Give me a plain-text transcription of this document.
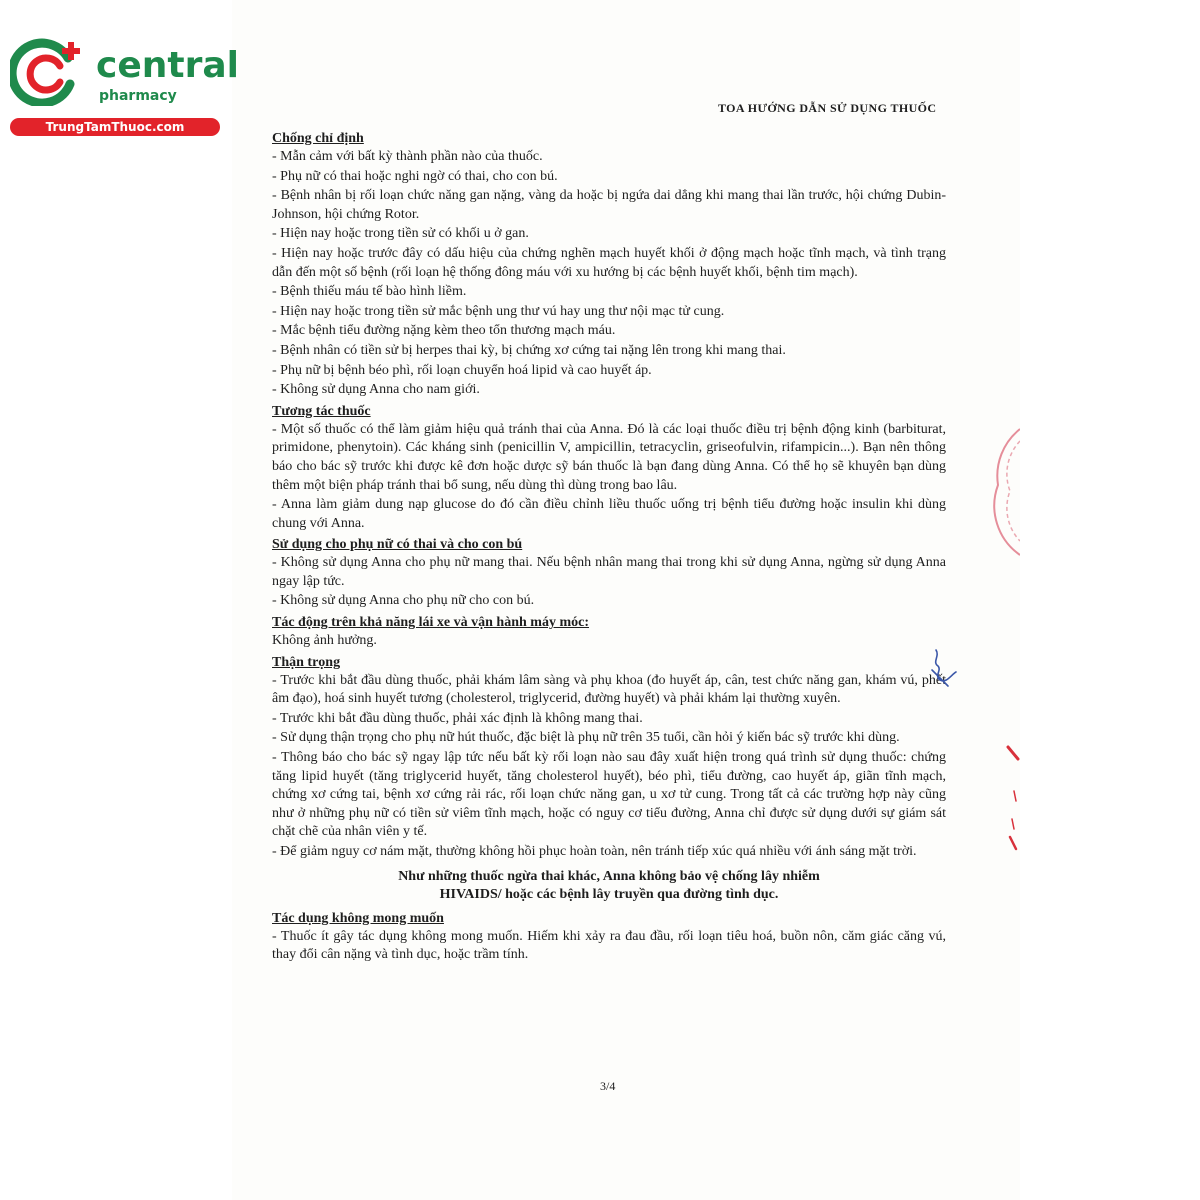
central
pharmacy
TrungTamThuoc.com
TOA HƯỚNG DẪN SỬ DỤNG THUỐC
Chống chỉ định
- Mẫn cảm với bất kỳ thành phần nào của thuốc.
- Phụ nữ có thai hoặc nghi ngờ có thai, cho con bú.
- Bệnh nhân bị rối loạn chức năng gan nặng, vàng da hoặc bị ngứa dai dẳng khi mang thai lần trước, hội chứng Dubin-Johnson, hội chứng Rotor.
- Hiện nay hoặc trong tiền sử có khối u ở gan.
- Hiện nay hoặc trước đây có dấu hiệu của chứng nghẽn mạch huyết khối ở động mạch hoặc tĩnh mạch, và tình trạng dẫn đến một số bệnh (rối loạn hệ thống đông máu với xu hướng bị các bệnh huyết khối, bệnh tim mạch).
- Bệnh thiếu máu tế bào hình liềm.
- Hiện nay hoặc trong tiền sử mắc bệnh ung thư vú hay ung thư nội mạc tử cung.
- Mắc bệnh tiểu đường nặng kèm theo tổn thương mạch máu.
- Bệnh nhân có tiền sử bị herpes thai kỳ, bị chứng xơ cứng tai nặng lên trong khi mang thai.
- Phụ nữ bị bệnh béo phì, rối loạn chuyển hoá lipid và cao huyết áp.
- Không sử dụng Anna cho nam giới.
Tương tác thuốc
- Một số thuốc có thể làm giảm hiệu quả tránh thai của Anna. Đó là các loại thuốc điều trị bệnh động kinh (barbiturat, primidone, phenytoin). Các kháng sinh (penicillin V, ampicillin, tetracyclin, griseofulvin, rifampicin...). Bạn nên thông báo cho bác sỹ trước khi được kê đơn hoặc dược sỹ bán thuốc là bạn đang dùng Anna. Có thể họ sẽ khuyên bạn dùng thêm một biện pháp tránh thai bổ sung, nếu dùng thì dùng trong bao lâu.
- Anna làm giảm dung nạp glucose do đó cần điều chỉnh liều thuốc uống trị bệnh tiểu đường hoặc insulin khi dùng chung với Anna.
Sử dụng cho phụ nữ có thai và cho con bú
- Không sử dụng Anna cho phụ nữ mang thai. Nếu bệnh nhân mang thai trong khi sử dụng Anna, ngừng sử dụng Anna ngay lập tức.
- Không sử dụng Anna cho phụ nữ cho con bú.
Tác động trên khả năng lái xe và vận hành máy móc:
Không ảnh hưởng.
Thận trọng
- Trước khi bắt đầu dùng thuốc, phải khám lâm sàng và phụ khoa (đo huyết áp, cân, test chức năng gan, khám vú, phết âm đạo), hoá sinh huyết tương (cholesterol, triglycerid, đường huyết) và phải khám lại thường xuyên.
- Trước khi bắt đầu dùng thuốc, phải xác định là không mang thai.
- Sử dụng thận trọng cho phụ nữ hút thuốc, đặc biệt là phụ nữ trên 35 tuổi, cần hỏi ý kiến bác sỹ trước khi dùng.
- Thông báo cho bác sỹ ngay lập tức nếu bất kỳ rối loạn nào sau đây xuất hiện trong quá trình sử dụng thuốc: chứng tăng lipid huyết (tăng triglycerid huyết, tăng cholesterol huyết), béo phì, tiểu đường, cao huyết áp, giãn tĩnh mạch, chứng xơ cứng tai, bệnh xơ cứng rải rác, rối loạn chức năng gan, u xơ tử cung. Trong tất cả các trường hợp này cũng như ở những phụ nữ có tiền sử viêm tĩnh mạch, hoặc có nguy cơ tiểu đường, Anna chỉ được sử dụng dưới sự giám sát chặt chẽ của nhân viên y tế.
- Để giảm nguy cơ nám mặt, thường không hồi phục hoàn toàn, nên tránh tiếp xúc quá nhiều với ánh sáng mặt trời.
Như những thuốc ngừa thai khác, Anna không bảo vệ chống lây nhiễm
HIVAIDS/ hoặc các bệnh lây truyền qua đường tình dục.
Tác dụng không mong muốn
- Thuốc ít gây tác dụng không mong muốn. Hiếm khi xảy ra đau đầu, rối loạn tiêu hoá, buồn nôn, căm giác căng vú, thay đổi cân nặng và tình dục, hoặc trầm tính.
3/4
